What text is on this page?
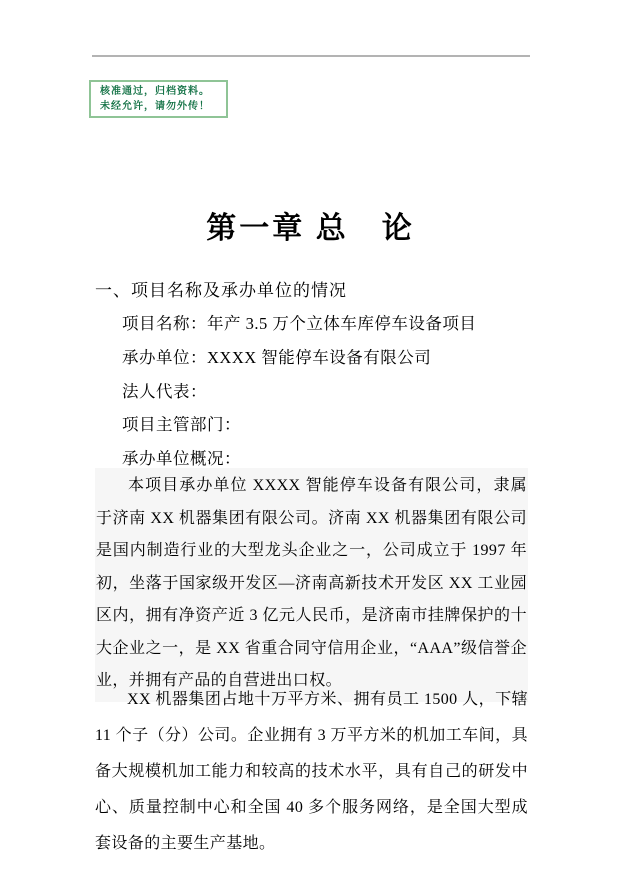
核准通过，归档资料。
未经允许，请勿外传！
第一章 总　论
一、项目名称及承办单位的情况
项目名称：年产 3.5 万个立体车库停车设备项目
承办单位：XXXX 智能停车设备有限公司
法人代表：
项目主管部门：
承办单位概况：
本项目承办单位 XXXX 智能停车设备有限公司，隶属于济南 XX 机器集团有限公司。济南 XX 机器集团有限公司是国内制造行业的大型龙头企业之一，公司成立于 1997 年初，坐落于国家级开发区—济南高新技术开发区 XX 工业园区内，拥有净资产近 3 亿元人民币，是济南市挂牌保护的十大企业之一，是 XX 省重合同守信用企业，“AAA”级信誉企业，并拥有产品的自营进出口权。
XX 机器集团占地十万平方米、拥有员工 1500 人，下辖 11 个子（分）公司。企业拥有 3 万平方米的机加工车间，具备大规模机加工能力和较高的技术水平，具有自己的研发中心、质量控制中心和全国 40 多个服务网络，是全国大型成套设备的主要生产基地。
